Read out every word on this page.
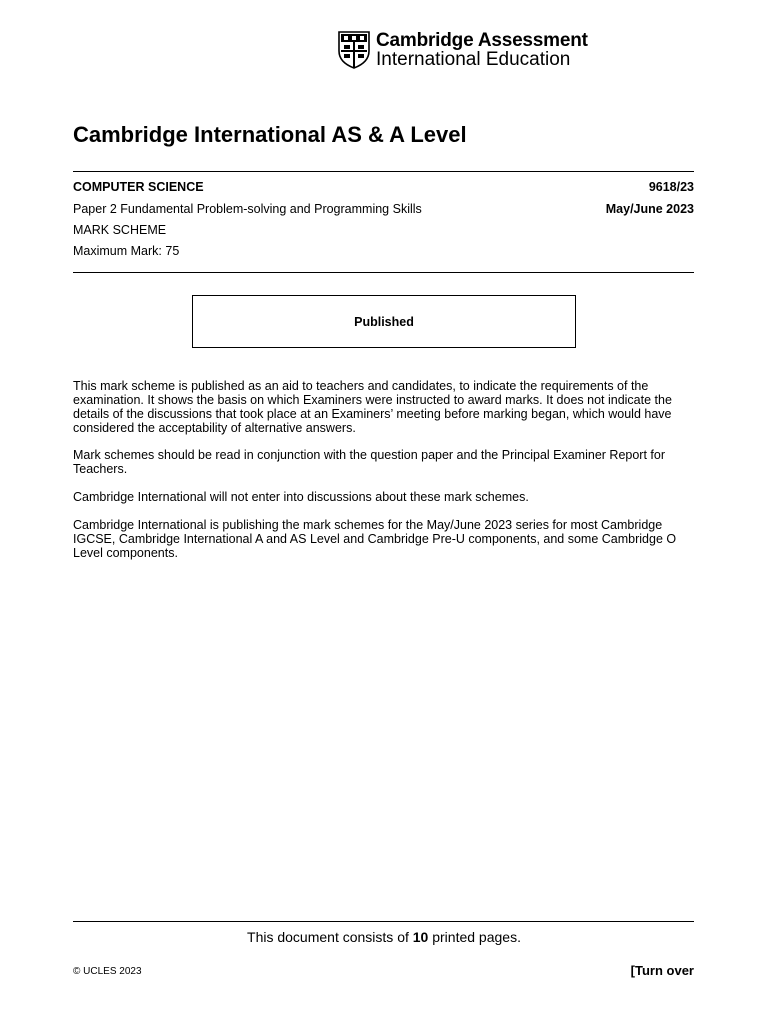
Cambridge Assessment
International Education
Cambridge International AS & A Level
COMPUTER SCIENCE	9618/23
Paper 2 Fundamental Problem-solving and Programming Skills	May/June 2023
MARK SCHEME
Maximum Mark: 75
Published
This mark scheme is published as an aid to teachers and candidates, to indicate the requirements of the examination. It shows the basis on which Examiners were instructed to award marks. It does not indicate the details of the discussions that took place at an Examiners’ meeting before marking began, which would have considered the acceptability of alternative answers.
Mark schemes should be read in conjunction with the question paper and the Principal Examiner Report for Teachers.
Cambridge International will not enter into discussions about these mark schemes.
Cambridge International is publishing the mark schemes for the May/June 2023 series for most Cambridge IGCSE, Cambridge International A and AS Level and Cambridge Pre-U components, and some Cambridge O Level components.
This document consists of 10 printed pages.
© UCLES 2023	[Turn over
